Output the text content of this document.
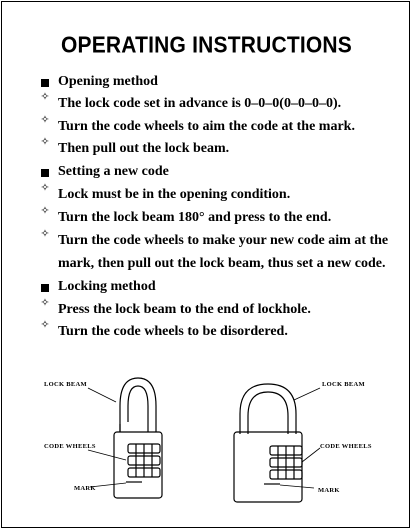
OPERATING INSTRUCTIONS
Opening method
✧ The lock code set in advance is 0–0–0(0–0–0–0).
✧ Turn the code wheels to aim the code at the mark.
✧ Then pull out the lock beam.
Setting a new code
✧ Lock must be in the opening condition.
✧ Turn the lock beam 180° and press to the end.
✧ Turn the code wheels to make your new code aim at the
mark, then pull out the lock beam, thus set a new code.
Locking method
✧ Press the lock beam to the end of lockhole.
✧ Turn the code wheels to be disordered.
LOCK BEAM
CODE WHEELS
MARK
LOCK BEAM
CODE WHEELS
MARK
